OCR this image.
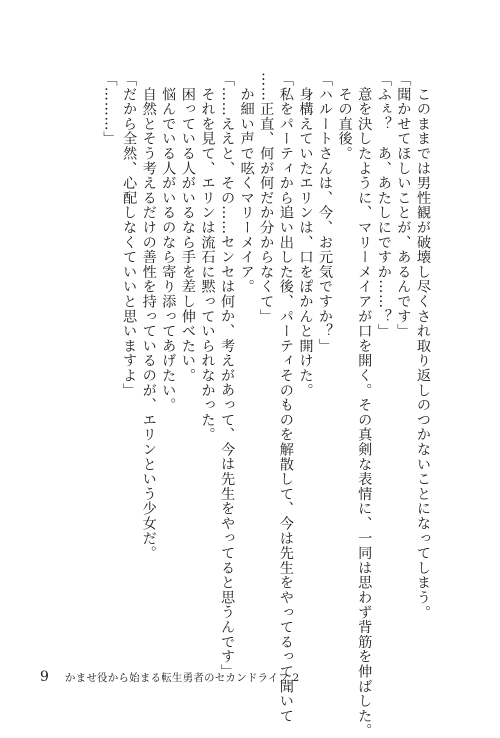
　このままでは男性観が破壊し尽くされ取り返しのつかないことになってしまう。
「聞かせてほしいことが、あるんです」
「ふぇ？　あ、あたしにですか……？」
　意を決したように、マリーメイアが口を開く。その真剣な表情に、一同は思わず背筋を伸ばした。
　その直後。
「ハルートさんは、今、お元気ですか？」
　身構えていたエリンは、口をぽかんと開けた。
「私をパーティから追い出した後、パーティそのものを解散して、今は先生をやってるって聞いて
……正直、何が何だか分からなくて」
　か細い声で呟くマリーメイア。
「……ええと、その……センセは何か、考えがあって、今は先生をやってると思うんです」
　それを見て、エリンは流石に黙っていられなかった。
　困っている人がいるなら手を差し伸べたい。
　悩んでいる人がいるのなら寄り添ってあげたい。
　自然とそう考えるだけの善性を持っているのが、エリンという少女だ。
「だから全然、心配しなくていいと思いますよ」
「………」
9 かませ役から始まる転生勇者のセカンドライフ 2
